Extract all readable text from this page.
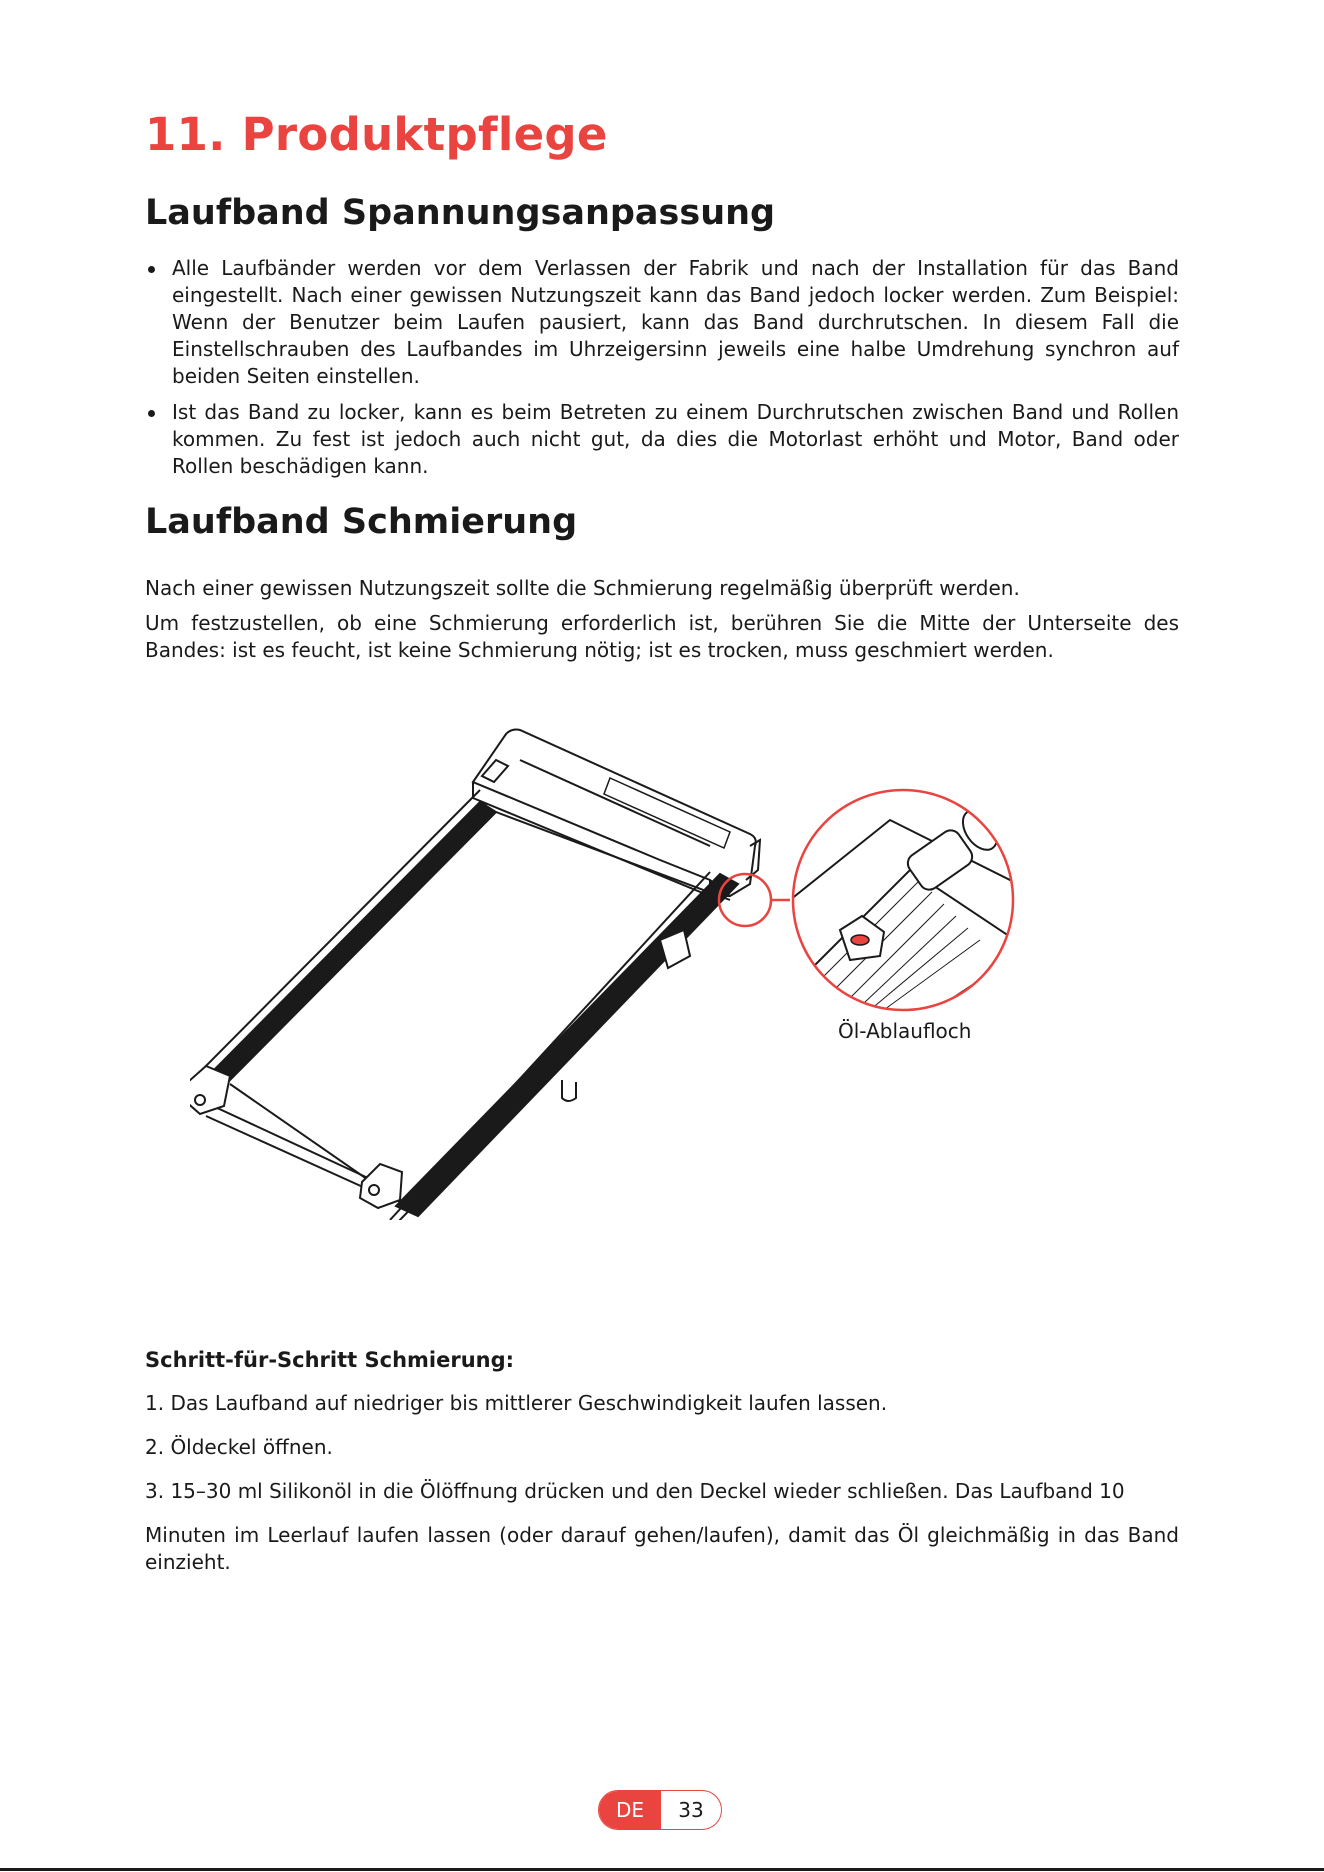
11. Produktpflege
Laufband Spannungsanpassung
Alle Laufbänder werden vor dem Verlassen der Fabrik und nach der Installation für das Band eingestellt. Nach einer gewissen Nutzungszeit kann das Band jedoch locker werden. Zum Beispiel: Wenn der Benutzer beim Laufen pausiert, kann das Band durchrutschen. In diesem Fall die Einstellschrauben des Laufbandes im Uhrzeigersinn jeweils eine halbe Umdrehung synchron auf beiden Seiten einstellen.
Ist das Band zu locker, kann es beim Betreten zu einem Durchrutschen zwischen Band und Rollen kommen. Zu fest ist jedoch auch nicht gut, da dies die Motorlast erhöht und Motor, Band oder Rollen beschädigen kann.
Laufband Schmierung

Nach einer gewissen Nutzungszeit sollte die Schmierung regelmäßig überprüft werden.

Um festzustellen, ob eine Schmierung erforderlich ist, berühren Sie die Mitte der Unterseite des Bandes: ist es feucht, ist keine Schmierung nötig; ist es trocken, muss geschmiert werden.

Öl-Ablaufloch
Schritt-für-Schritt Schmierung:

1. Das Laufband auf niedriger bis mittlerer Geschwindigkeit laufen lassen.

2. Öldeckel öffnen.

3. 15–30 ml Silikonöl in die Ölöffnung drücken und den Deckel wieder schließen. Das Laufband 10

Minuten im Leerlauf laufen lassen (oder darauf gehen/laufen), damit das Öl gleichmäßig in das Band einzieht.

DE	33
